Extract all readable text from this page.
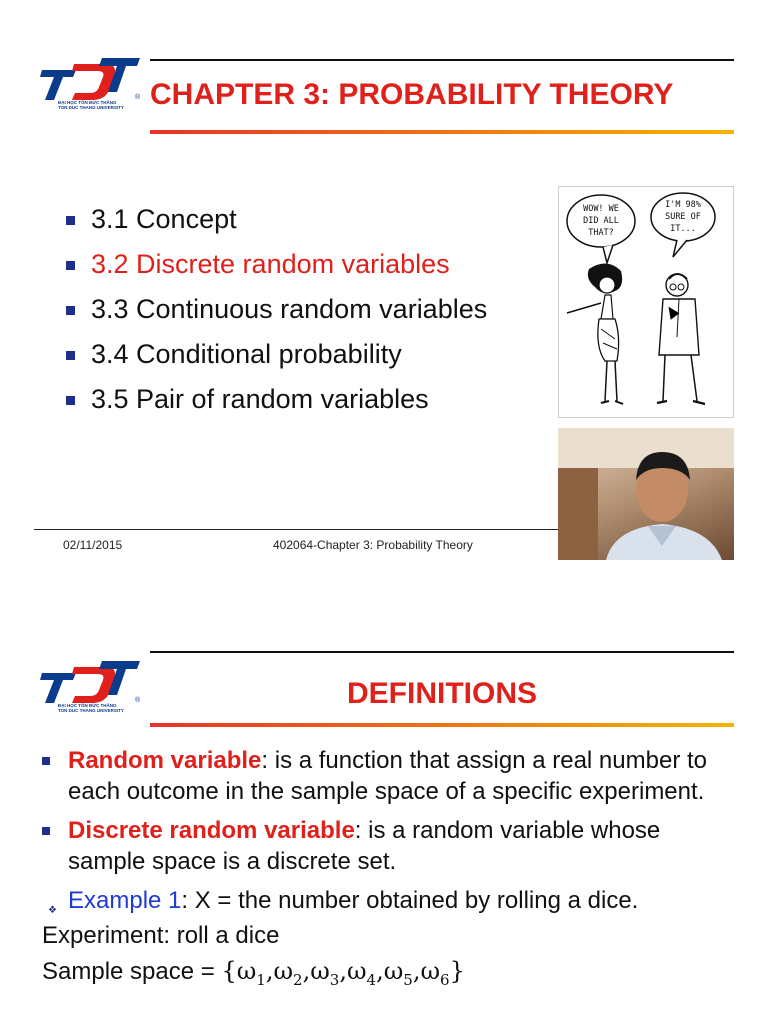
®
ĐẠI HỌC TÔN ĐỨC THẮNG
TON DUC THANG UNIVERSITY CHAPTER 3: PROBABILITY THEORY
3.1 Concept
3.2 Discrete random variables
3.3 Continuous random variables
3.4 Conditional probability
3.5 Pair of random variables
WOW! WE
DID ALL
THAT?
I'M 98%
SURE OF
IT...
02/11/2015	402064-Chapter 3: Probability Theory
®
ĐẠI HỌC TÔN ĐỨC THẮNG
TON DUC THANG UNIVERSITY
DEFINITIONS
Random variable: is a function that assign a real number to each outcome in the sample space of a specific experiment.
Discrete random variable: is a random variable whose sample space is a discrete set.
❖ Example 1: X = the number obtained by rolling a dice.
Experiment: roll a dice
Sample space = $\{\omega_1,\omega_2,\omega_3,\omega_4,\omega_5,\omega_6\}$
